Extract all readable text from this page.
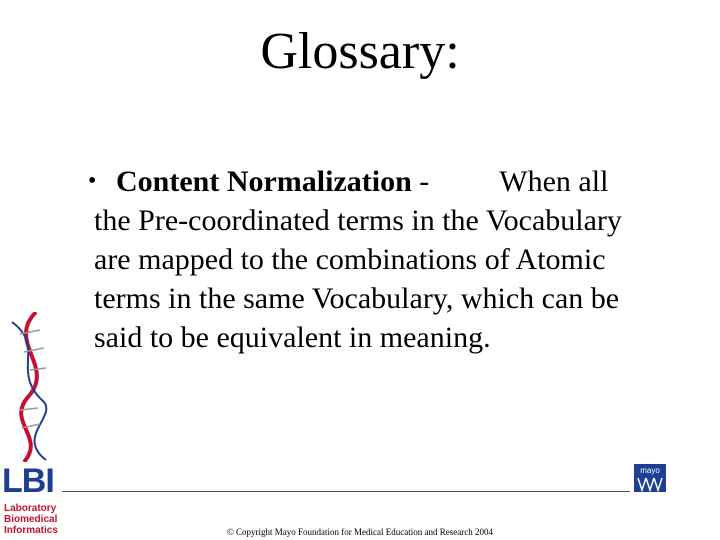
Glossary:
• Content Normalization - When all
the Pre-coordinated terms in the Vocabulary
are mapped to the combinations of Atomic
terms in the same Vocabulary, which can be
said to be equivalent in meaning.
LBI
Laboratory
Biomedical
Informatics
mayo
© Copyright Mayo Foundation for Medical Education and Research 2004
